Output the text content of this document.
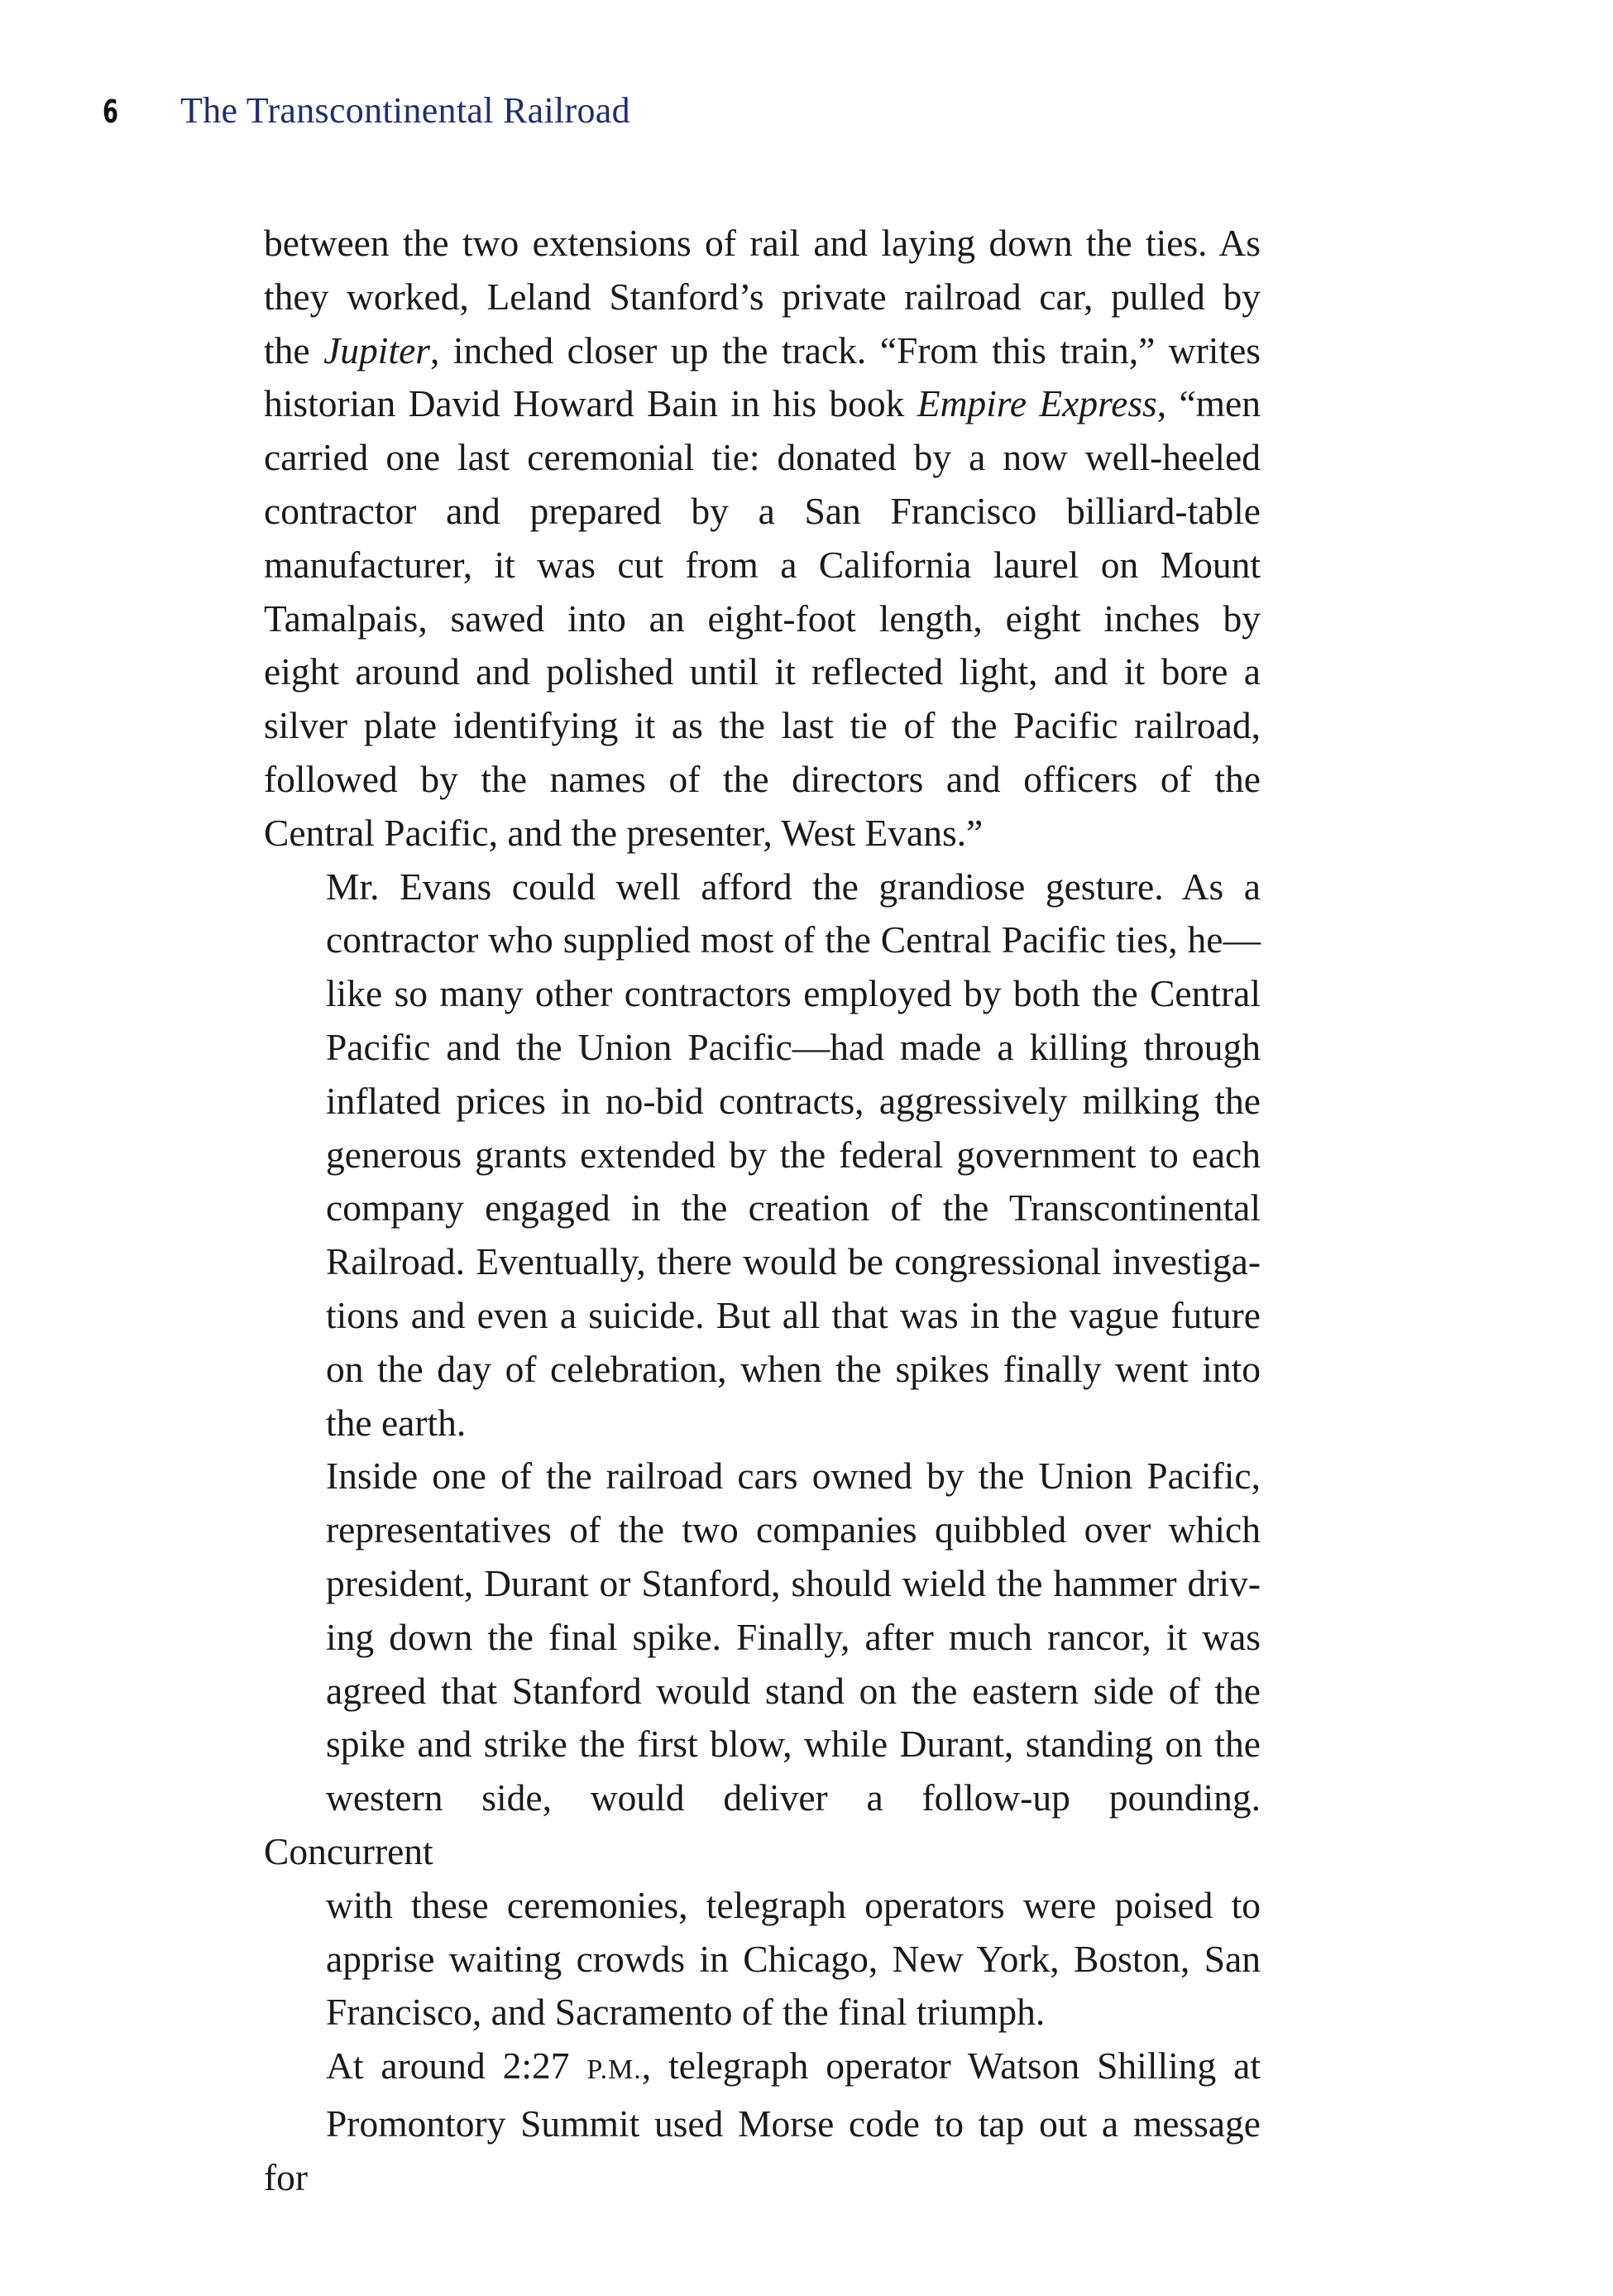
6	The Transcontinental Railroad

between the two extensions of rail and laying down the ties. As
they worked, Leland Stanford’s private railroad car, pulled by
the Jupiter, inched closer up the track. “From this train,” writes
historian David Howard Bain in his book Empire Express, “men
carried one last ceremonial tie: donated by a now well-heeled
contractor and prepared by a San Francisco billiard-table
manufacturer, it was cut from a California laurel on Mount
Tamalpais, sawed into an eight-foot length, eight inches by
eight around and polished until it reflected light, and it bore a
silver plate identifying it as the last tie of the Pacific railroad,
followed by the names of the directors and officers of the
Central Pacific, and the presenter, West Evans.”

Mr. Evans could well afford the grandiose gesture. As a
contractor who supplied most of the Central Pacific ties, he—
like so many other contractors employed by both the Central
Pacific and the Union Pacific—had made a killing through
inflated prices in no-bid contracts, aggressively milking the
generous grants extended by the federal government to each
company engaged in the creation of the Transcontinental
Railroad. Eventually, there would be congressional investiga-
tions and even a suicide. But all that was in the vague future
on the day of celebration, when the spikes finally went into
the earth.

Inside one of the railroad cars owned by the Union Pacific,
representatives of the two companies quibbled over which
president, Durant or Stanford, should wield the hammer driv-
ing down the final spike. Finally, after much rancor, it was
agreed that Stanford would stand on the eastern side of the
spike and strike the first blow, while Durant, standing on the
western side, would deliver a follow-up pounding. Concurrent
with these ceremonies, telegraph operators were poised to
apprise waiting crowds in Chicago, New York, Boston, San
Francisco, and Sacramento of the final triumph.

At around 2:27 P.M., telegraph operator Watson Shilling at
Promontory Summit used Morse code to tap out a message for
